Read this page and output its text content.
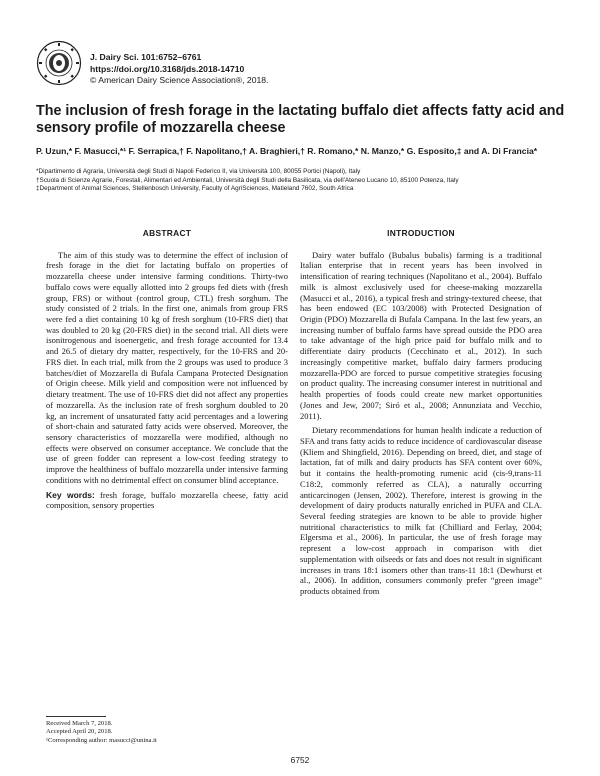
J. Dairy Sci. 101:6752–6761
https://doi.org/10.3168/jds.2018-14710
© American Dairy Science Association®, 2018.
The inclusion of fresh forage in the lactating buffalo diet affects fatty acid and sensory profile of mozzarella cheese
P. Uzun,* F. Masucci,*¹ F. Serrapica,† F. Napolitano,† A. Braghieri,† R. Romano,* N. Manzo,* G. Esposito,‡ and A. Di Francia*
*Dipartimento di Agraria, Università degli Studi di Napoli Federico II, via Università 100, 80055 Portici (Napoli), Italy
†Scuola di Scienze Agrarie, Forestali, Alimentari ed Ambientali, Università degli Studi della Basilicata, via dell'Ateneo Lucano 10, 85100 Potenza, Italy
‡Department of Animal Sciences, Stellenbosch University, Faculty of AgriSciences, Matieland 7602, South Africa
ABSTRACT

The aim of this study was to determine the effect of inclusion of fresh forage in the diet for lactating buffalo on properties of mozzarella cheese under intensive farming conditions. Thirty-two buffalo cows were equally allotted into 2 groups fed diets with (fresh group, FRS) or without (control group, CTL) fresh sorghum. The study consisted of 2 trials. In the first one, animals from group FRS were fed a diet containing 10 kg of fresh sorghum (10-FRS diet) that was doubled to 20 kg (20-FRS diet) in the second trial. All diets were isonitrogenous and isoenergetic, and fresh forage accounted for 13.4 and 26.5 of dietary dry matter, respectively, for the 10-FRS and 20-FRS diet. In each trial, milk from the 2 groups was used to produce 3 batches/diet of Mozzarella di Bufala Campana Protected Designation of Origin cheese. Milk yield and composition were not influenced by dietary treatment. The use of 10-FRS diet did not affect any properties of mozzarella. As the inclusion rate of fresh sorghum doubled to 20 kg, an increment of unsaturated fatty acid percentages and a lowering of short-chain and saturated fatty acids were observed. Moreover, the sensory characteristics of mozzarella were modified, although no effects were observed on consumer acceptance. We conclude that the use of green fodder can represent a low-cost feeding strategy to improve the healthiness of buffalo mozzarella under intensive farming conditions with no detrimental effect on consumer blind acceptance.

Key words: fresh forage, buffalo mozzarella cheese, fatty acid composition, sensory properties

INTRODUCTION

Dairy water buffalo (Bubalus bubalis) farming is a traditional Italian enterprise that in recent years has been involved in intensification of rearing techniques (Napolitano et al., 2004). Buffalo milk is almost exclusively used for cheese-making mozzarella (Masucci et al., 2016), a typical fresh and stringy-textured cheese, that has been endowed (EC 103/2008) with Protected Designation of Origin (PDO) Mozzarella di Bufala Campana. In the last few years, an increasing number of buffalo farms have spread outside the PDO area to take advantage of the high price paid for buffalo milk and to differentiate dairy products (Cecchinato et al., 2012). In such increasingly competitive market, buffalo dairy farmers producing mozzarella-PDO are forced to pursue competitive strategies focusing on product quality. The increasing consumer interest in nutritional and health properties of foods could create new market opportunities (Jones and Jew, 2007; Siró et al., 2008; Annunziata and Vecchio, 2011).

Dietary recommendations for human health indicate a reduction of SFA and trans fatty acids to reduce incidence of cardiovascular disease (Kliem and Shingfield, 2016). Depending on breed, diet, and stage of lactation, fat of milk and dairy products has SFA content over 60%, but it contains the health-promoting rumenic acid (cis-9,trans-11 C18:2, commonly referred as CLA), a naturally occurring anticarcinogen (Jensen, 2002). Therefore, interest is growing in the development of dairy products naturally enriched in PUFA and CLA. Several feeding strategies are known to be able to provide higher nutritional characteristics to milk fat (Chilliard and Ferlay, 2004; Elgersma et al., 2006). In particular, the use of fresh forage may represent a low-cost approach in comparison with diet supplementation with oilseeds or fats and does not result in significant increases in trans 18:1 isomers other than trans-11 18:1 (Dewhurst et al., 2006). In addition, consumers commonly prefer “green image” products obtained from

Received March 7, 2018.
Accepted April 20, 2018.
¹Corresponding author: masucci@unina.it
6752
